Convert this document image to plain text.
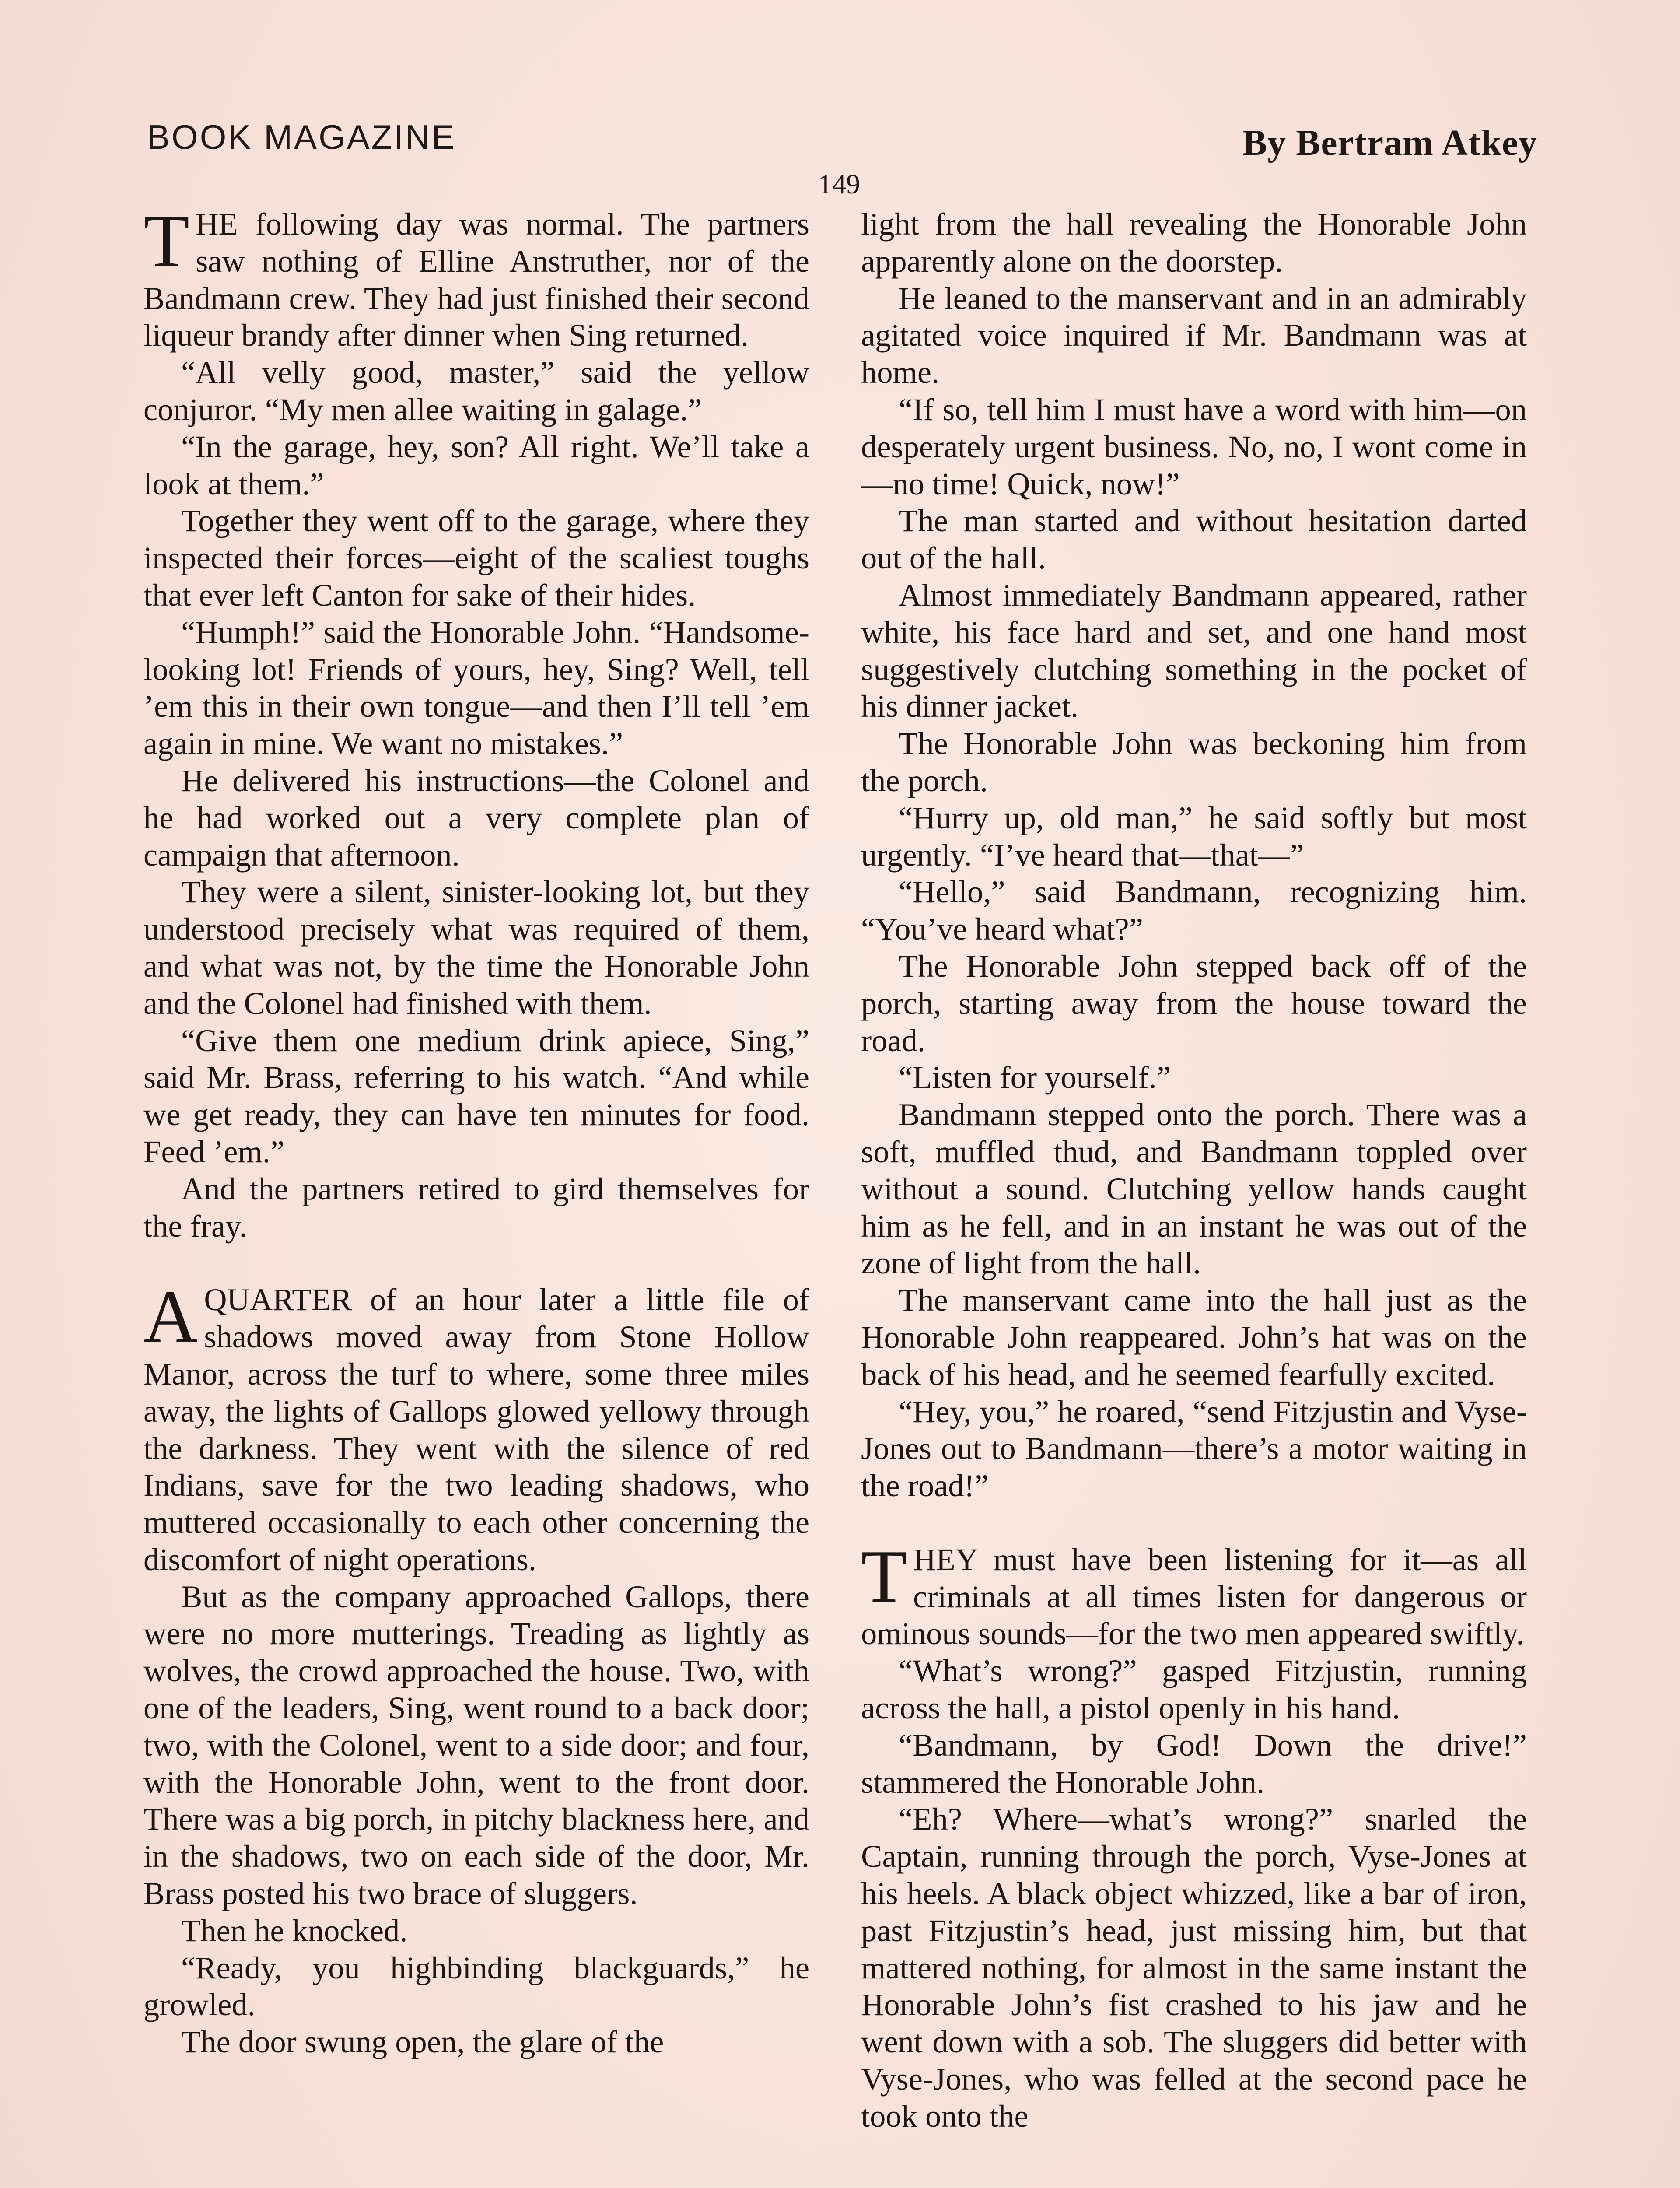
BOOK MAGAZINE	By Bertram Atkey
149

THE following day was normal. The partners saw nothing of Elline Anstruther, nor of the Bandmann crew. They had just finished their second liqueur brandy after dinner when Sing returned.

“All velly good, master,” said the yellow conjuror. “My men allee waiting in galage.”

“In the garage, hey, son? All right. We’ll take a look at them.”

Together they went off to the garage, where they inspected their forces—eight of the scaliest toughs that ever left Canton for sake of their hides.

“Humph!” said the Honorable John. “Handsome-looking lot! Friends of yours, hey, Sing? Well, tell ’em this in their own tongue—and then I’ll tell ’em again in mine. We want no mistakes.”

He delivered his instructions—the Colonel and he had worked out a very complete plan of campaign that afternoon.

They were a silent, sinister-looking lot, but they understood precisely what was required of them, and what was not, by the time the Honorable John and the Colonel had finished with them.

“Give them one medium drink apiece, Sing,” said Mr. Brass, referring to his watch. “And while we get ready, they can have ten minutes for food. Feed ’em.”

And the partners retired to gird themselves for the fray.

AQUARTER of an hour later a little file of shadows moved away from Stone Hollow Manor, across the turf to where, some three miles away, the lights of Gallops glowed yellowy through the darkness. They went with the silence of red Indians, save for the two leading shadows, who muttered occasionally to each other concerning the discomfort of night operations.

But as the company approached Gallops, there were no more mutterings. Treading as lightly as wolves, the crowd approached the house. Two, with one of the leaders, Sing, went round to a back door; two, with the Colonel, went to a side door; and four, with the Honorable John, went to the front door. There was a big porch, in pitchy blackness here, and in the shadows, two on each side of the door, Mr. Brass posted his two brace of sluggers.

Then he knocked.

“Ready, you highbinding blackguards,” he growled.

The door swung open, the glare of the

light from the hall revealing the Honorable John apparently alone on the doorstep.

He leaned to the manservant and in an admirably agitated voice inquired if Mr. Bandmann was at home.

“If so, tell him I must have a word with him—on desperately urgent business. No, no, I wont come in—no time! Quick, now!”

The man started and without hesitation darted out of the hall.

Almost immediately Bandmann appeared, rather white, his face hard and set, and one hand most suggestively clutching something in the pocket of his dinner jacket.

The Honorable John was beckoning him from the porch.

“Hurry up, old man,” he said softly but most urgently. “I’ve heard that—that—”

“Hello,” said Bandmann, recognizing him. “You’ve heard what?”

The Honorable John stepped back off of the porch, starting away from the house toward the road.

“Listen for yourself.”

Bandmann stepped onto the porch. There was a soft, muffled thud, and Bandmann toppled over without a sound. Clutching yellow hands caught him as he fell, and in an instant he was out of the zone of light from the hall.

The manservant came into the hall just as the Honorable John reappeared. John’s hat was on the back of his head, and he seemed fearfully excited.

“Hey, you,” he roared, “send Fitzjustin and Vyse-Jones out to Bandmann—there’s a motor waiting in the road!”

THEY must have been listening for it—as all criminals at all times listen for dangerous or ominous sounds—for the two men appeared swiftly.

“What’s wrong?” gasped Fitzjustin, running across the hall, a pistol openly in his hand.

“Bandmann, by God! Down the drive!” stammered the Honorable John.

“Eh? Where—what’s wrong?” snarled the Captain, running through the porch, Vyse-Jones at his heels. A black object whizzed, like a bar of iron, past Fitzjustin’s head, just missing him, but that mattered nothing, for almost in the same instant the Honorable John’s fist crashed to his jaw and he went down with a sob. The sluggers did better with Vyse-Jones, who was felled at the second pace he took onto the
